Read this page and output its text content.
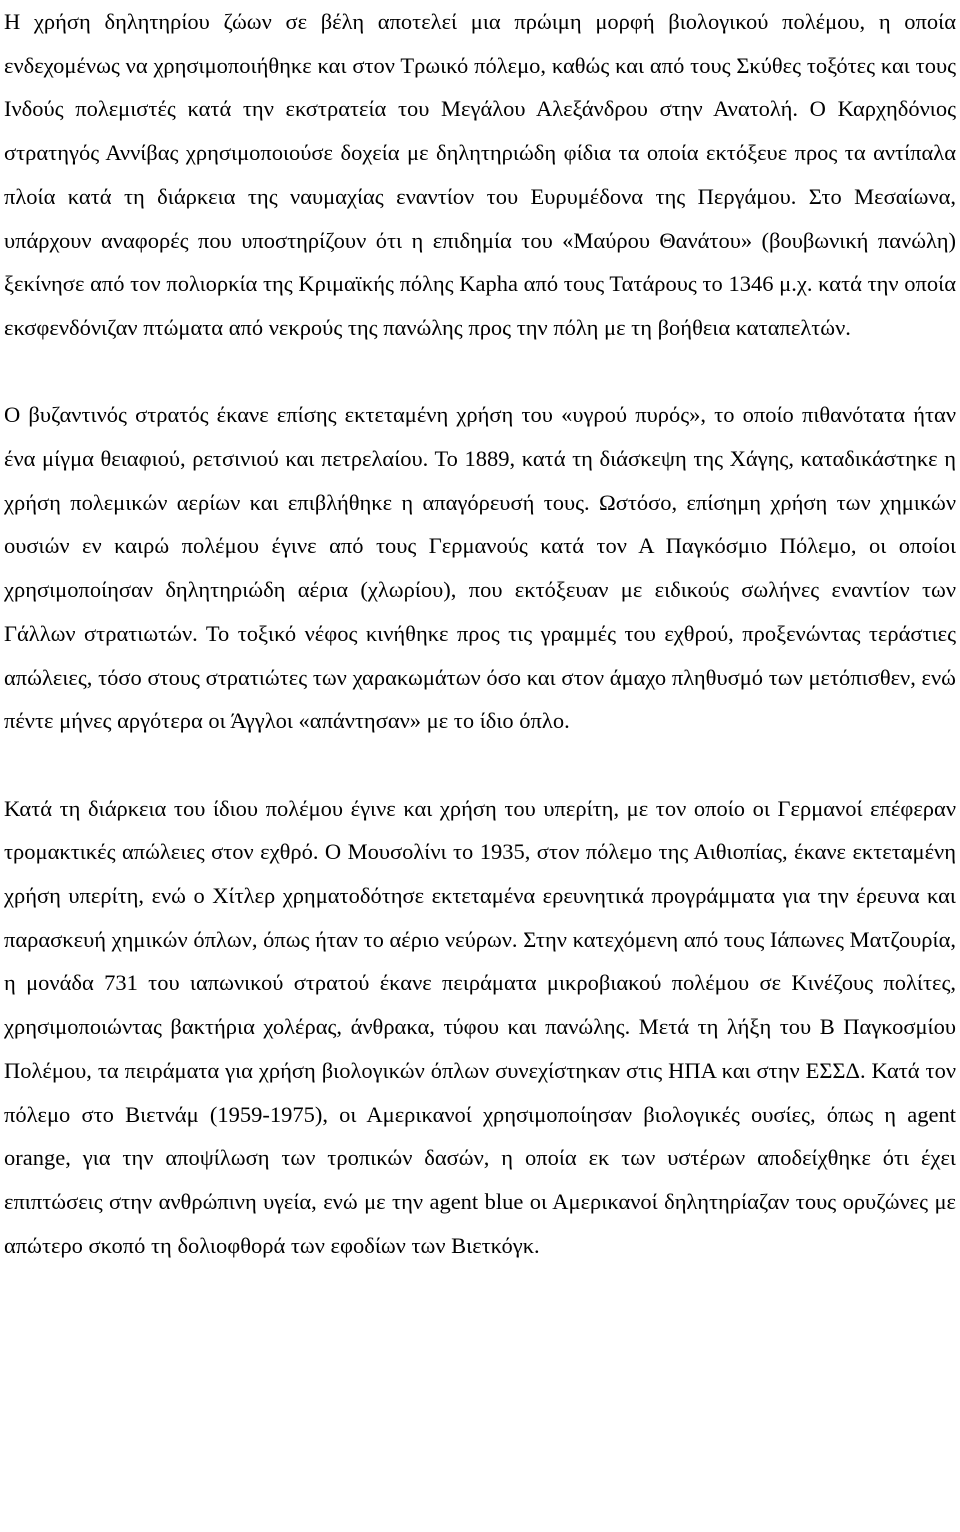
Η χρήση δηλητηρίου ζώων σε βέλη αποτελεί μια πρώιμη μορφή βιολογικού πολέμου, η οποία ενδεχομένως να χρησιμοποιήθηκε και στον Τρωικό πόλεμο, καθώς και από τους Σκύθες τοξότες και τους Ινδούς πολεμιστές κατά την εκστρατεία του Μεγάλου Αλεξάνδρου στην Ανατολή. Ο Καρχηδόνιος στρατηγός Αννίβας χρησιμοποιούσε δοχεία με δηλητηριώδη φίδια τα οποία εκτόξευε προς τα αντίπαλα πλοία κατά τη διάρκεια της ναυμαχίας εναντίον του Ευρυμέδονα της Περγάμου. Στο Μεσαίωνα, υπάρχουν αναφορές που υποστηρίζουν ότι η επιδημία του «Μαύρου Θανάτου» (βουβωνική πανώλη) ξεκίνησε από τον πολιορκία της Κριμαϊκής πόλης Kapha από τους Τατάρους το 1346 μ.χ. κατά την οποία εκσφενδόνιζαν πτώματα από νεκρούς της πανώλης προς την πόλη με τη βοήθεια καταπελτών.

Ο βυζαντινός στρατός έκανε επίσης εκτεταμένη χρήση του «υγρού πυρός», το οποίο πιθανότατα ήταν ένα μίγμα θειαφιού, ρετσινιού και πετρελαίου. Το 1889, κατά τη διάσκεψη της Χάγης, καταδικάστηκε η χρήση πολεμικών αερίων και επιβλήθηκε η απαγόρευσή τους. Ωστόσο, επίσημη χρήση των χημικών ουσιών εν καιρώ πολέμου έγινε από τους Γερμανούς κατά τον Α Παγκόσμιο Πόλεμο, οι οποίοι χρησιμοποίησαν δηλητηριώδη αέρια (χλωρίου), που εκτόξευαν με ειδικούς σωλήνες εναντίον των Γάλλων στρατιωτών. Το τοξικό νέφος κινήθηκε προς τις γραμμές του εχθρού, προξενώντας τεράστιες απώλειες, τόσο στους στρατιώτες των χαρακωμάτων όσο και στον άμαχο πληθυσμό των μετόπισθεν, ενώ πέντε μήνες αργότερα οι Άγγλοι «απάντησαν» με το ίδιο όπλο.

Κατά τη διάρκεια του ίδιου πολέμου έγινε και χρήση του υπερίτη, με τον οποίο οι Γερμανοί επέφεραν τρομακτικές απώλειες στον εχθρό. Ο Μουσολίνι το 1935, στον πόλεμο της Αιθιοπίας, έκανε εκτεταμένη χρήση υπερίτη, ενώ ο Χίτλερ χρηματοδότησε εκτεταμένα ερευνητικά προγράμματα για την έρευνα και παρασκευή χημικών όπλων, όπως ήταν το αέριο νεύρων. Στην κατεχόμενη από τους Ιάπωνες Ματζουρία, η μονάδα 731 του ιαπωνικού στρατού έκανε πειράματα μικροβιακού πολέμου σε Κινέζους πολίτες, χρησιμοποιώντας βακτήρια χολέρας, άνθρακα, τύφου και πανώλης. Μετά τη λήξη του Β Παγκοσμίου Πολέμου, τα πειράματα για χρήση βιολογικών όπλων συνεχίστηκαν στις ΗΠΑ και στην ΕΣΣΔ. Κατά τον πόλεμο στο Βιετνάμ (1959-1975), οι Αμερικανοί χρησιμοποίησαν βιολογικές ουσίες, όπως η agent orange, για την αποψίλωση των τροπικών δασών, η οποία εκ των υστέρων αποδείχθηκε ότι έχει επιπτώσεις στην ανθρώπινη υγεία, ενώ με την agent blue οι Αμερικανοί δηλητηρίαζαν τους ορυζώνες με απώτερο σκοπό τη δολιοφθορά των εφοδίων των Βιετκόγκ.
